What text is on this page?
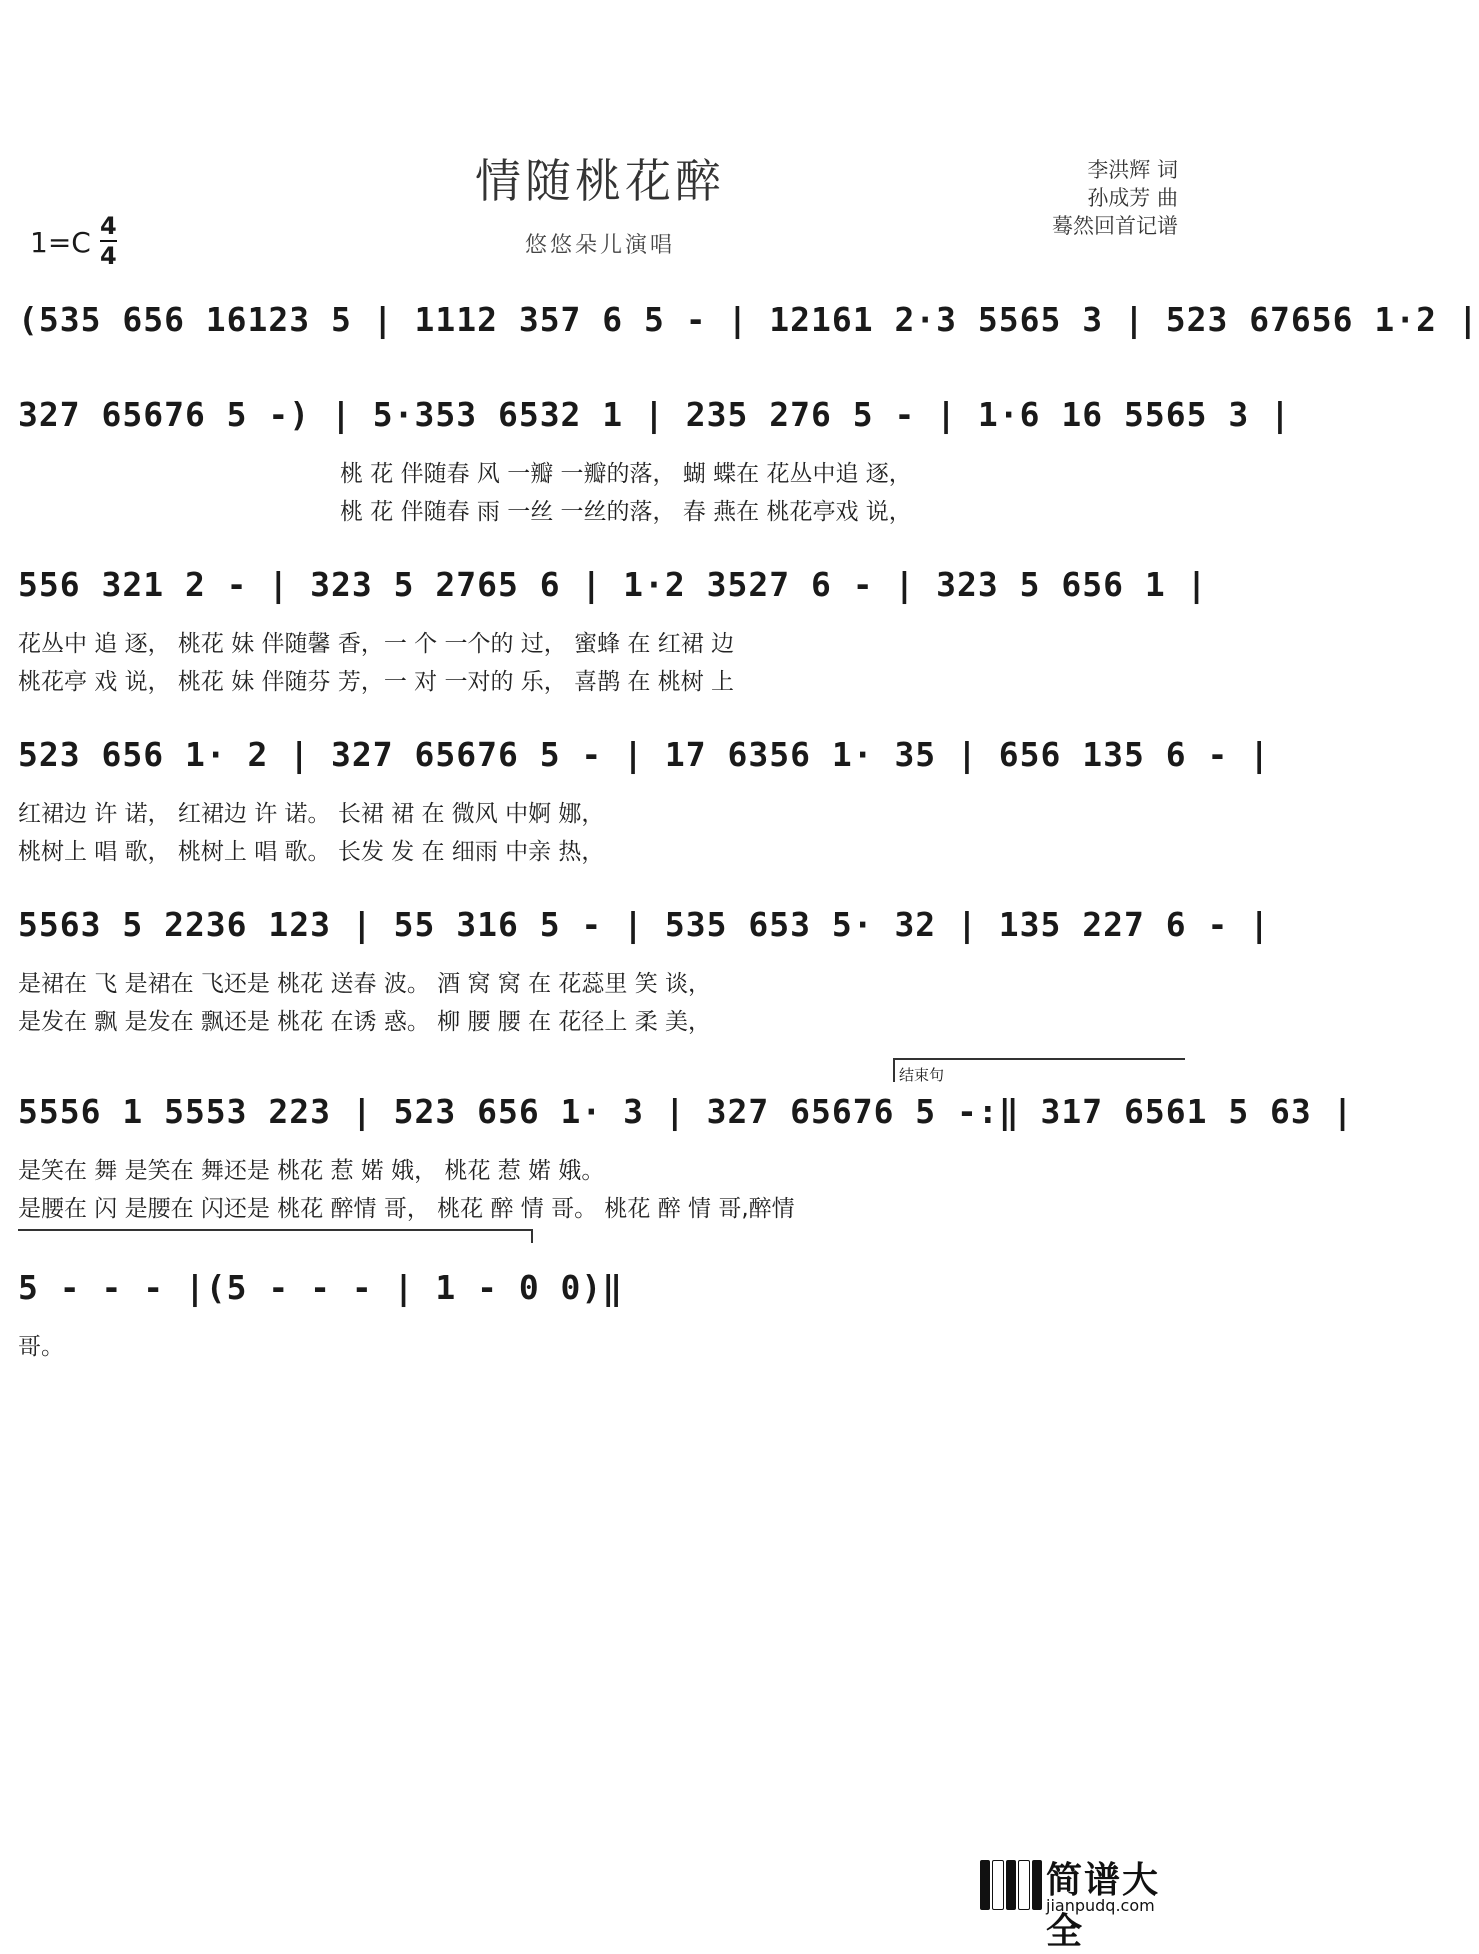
情随桃花醉
悠悠朵儿演唱
李洪辉 词
孙成芳 曲
蓦然回首记谱
$1=C \frac{4}{4}$
(535 656 16123 5 | 1112 357 6 5 - | 12161 2·3 5565 3 | 523 67656 1·2 |
327 65676 5 -) | 5·353 6532 1 | 235 276 5 - | 1·6 16 5565 3 |
桃 花 伴随春 风 一瓣 一瓣的落， 蝴 蝶在 花丛中追 逐，
桃 花 伴随春 雨 一丝 一丝的落， 春 燕在 桃花亭戏 说，
556 321 2 - | 323 5 2765 6 | 1·2 3527 6 - | 323 5 656 1 |
花丛中 追 逐， 桃花 妹 伴随馨 香，一 个 一个的 过， 蜜蜂 在 红裙 边
桃花亭 戏 说， 桃花 妹 伴随芬 芳，一 对 一对的 乐， 喜鹊 在 桃树 上
523 656 1· 2 | 327 65676 5 - | 17 6356 1· 35 | 656 135 6 - |
红裙边 许 诺， 红裙边 许 诺。 长裙 裙 在 微风 中婀 娜，
桃树上 唱 歌， 桃树上 唱 歌。 长发 发 在 细雨 中亲 热，
5563 5 2236 123 | 55 316 5 - | 535 653 5· 32 | 135 227 6 - |
是裙在 飞 是裙在 飞还是 桃花 送春 波。 酒 窝 窝 在 花蕊里 笑 谈，
是发在 飘 是发在 飘还是 桃花 在诱 惑。 柳 腰 腰 在 花径上 柔 美，
结束句
5556 1 5553 223 | 523 656 1· 3 | 327 65676 5 -:‖ 317 6561 5 63 |
是笑在 舞 是笑在 舞还是 桃花 惹 婼 娥， 桃花 惹 婼 娥。
是腰在 闪 是腰在 闪还是 桃花 醉情 哥， 桃花 醉 情 哥。 桃花 醉 情 哥,醉情
5 - - - |(5 - - - | 1 - 0 0)‖
哥。
简谱大全
jianpudq.com
